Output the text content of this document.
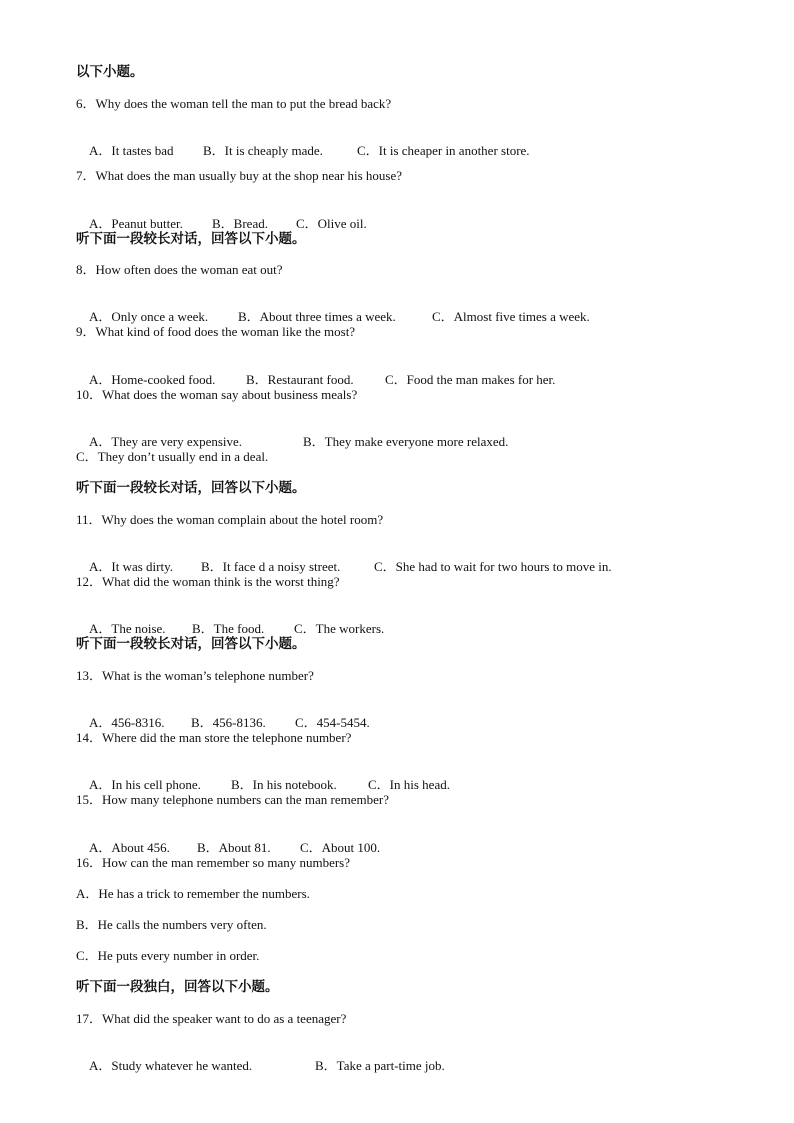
以下小题。
6．Why does the woman tell the man to put the bread back?

A．It tastes bad B．It is cheaply made.	C．It is cheaper in another store.

7．What does the man usually buy at the shop near his house?

A．Peanut butter. B．Bread. C．Olive oil.

听下面一段较长对话，回答以下小题。
8．How often does the woman eat out?

A．Only once a week. B．About three times a week.	C．Almost five times a week.

9．What kind of food does the woman like the most?

A．Home-cooked food. B．Restaurant food. C．Food the man makes for her.

10．What does the woman say about business meals?

A．They are very expensive.	B．They make everyone more relaxed.

C．They don’t usually end in a deal.
听下面一段较长对话，回答以下小题。
11．Why does the woman complain about the hotel room?

A．It was dirty. B．It face d a noisy street.	C．She had to wait for two hours to move in.

12．What did the woman think is the worst thing?

A．The noise. B．The food. C．The workers.

听下面一段较长对话，回答以下小题。
13．What is the woman’s telephone number?

A．456-8316. B．456-8136. C．454-5454.

14．Where did the man store the telephone number?

A．In his cell phone. B．In his notebook. C．In his head.

15．How many telephone numbers can the man remember?

A．About 456. B．About 81. C．About 100.

16．How can the man remember so many numbers?
A．He has a trick to remember the numbers.
B．He calls the numbers very often.
C．He puts every number in order.
听下面一段独白，回答以下小题。
17．What did the speaker want to do as a teenager?

A．Study whatever he wanted.	B．Take a part-time job.
